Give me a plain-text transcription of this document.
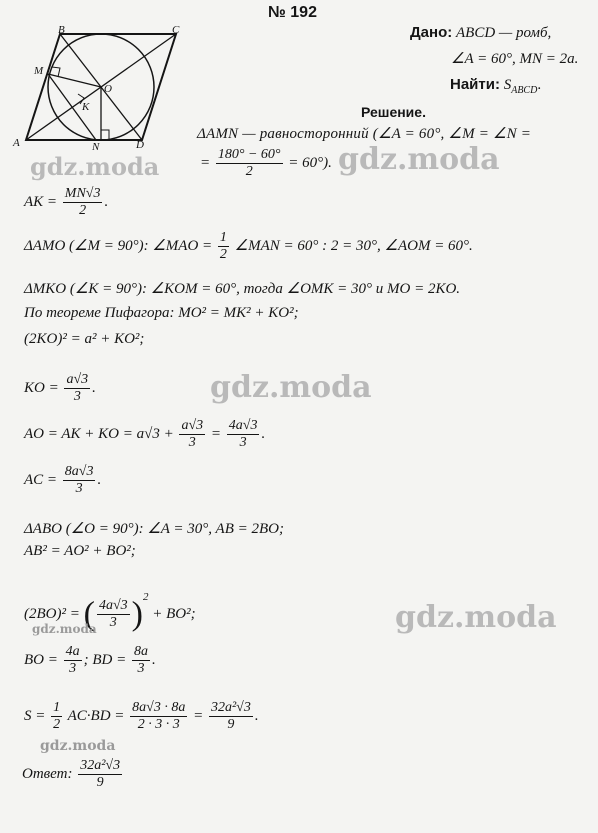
№ 192
B	C
M
O
K
A	N	D
Дано: ABCD — ромб,
∠A = 60°, MN = 2a.
Найти: $S_{ABCD}$.
Решение.
ΔAMN — равносторонний (∠A = 60°, ∠M = ∠N =
= $\frac{180^\circ - 60^\circ}{2} = 60^\circ$).
AK = $\frac{MN√3}{2}$ .
ΔAMO (∠M = 90°): ∠MAO = $\frac{1}{2}$ ∠MAN = 60° : 2 = 30°, ∠AOM = 60°.
ΔMKO (∠K = 90°): ∠KOM = 60°, тогда ∠OMK = 30° и MO = 2KO.
По теореме Пифагора: MO² = MK² + KO²;
(2KO)² = a² + KO²;
KO = $\frac{a√3}{3}$ .
AO = AK + KO = $a√3 + \frac{a√3}{3} = \frac{4a√3}{3}$ .
AC = $\frac{8a√3}{3}$ .
ΔABO (∠O = 90°): ∠A = 30°, AB = 2BO;
AB² = AO² + BO²;
(2BO)² = ( $\frac{4a√3}{3} )^2 + BO^2$;
BO = $\frac{4a}{3}$ ; BD = $\frac{8a}{3}$ .
$S = \frac{1}{2} AC\cdot BD = \frac{8a√3 \cdot 8a}{2 \cdot 3 \cdot 3} = \frac{\text{32a²√3}}{9}$ .
Ответ: $\frac{\text{32a²√3}}{9}$
gdz.moda	gdz.moda
gdz.moda
gdz.moda
gdz.moda
gdz.moda
